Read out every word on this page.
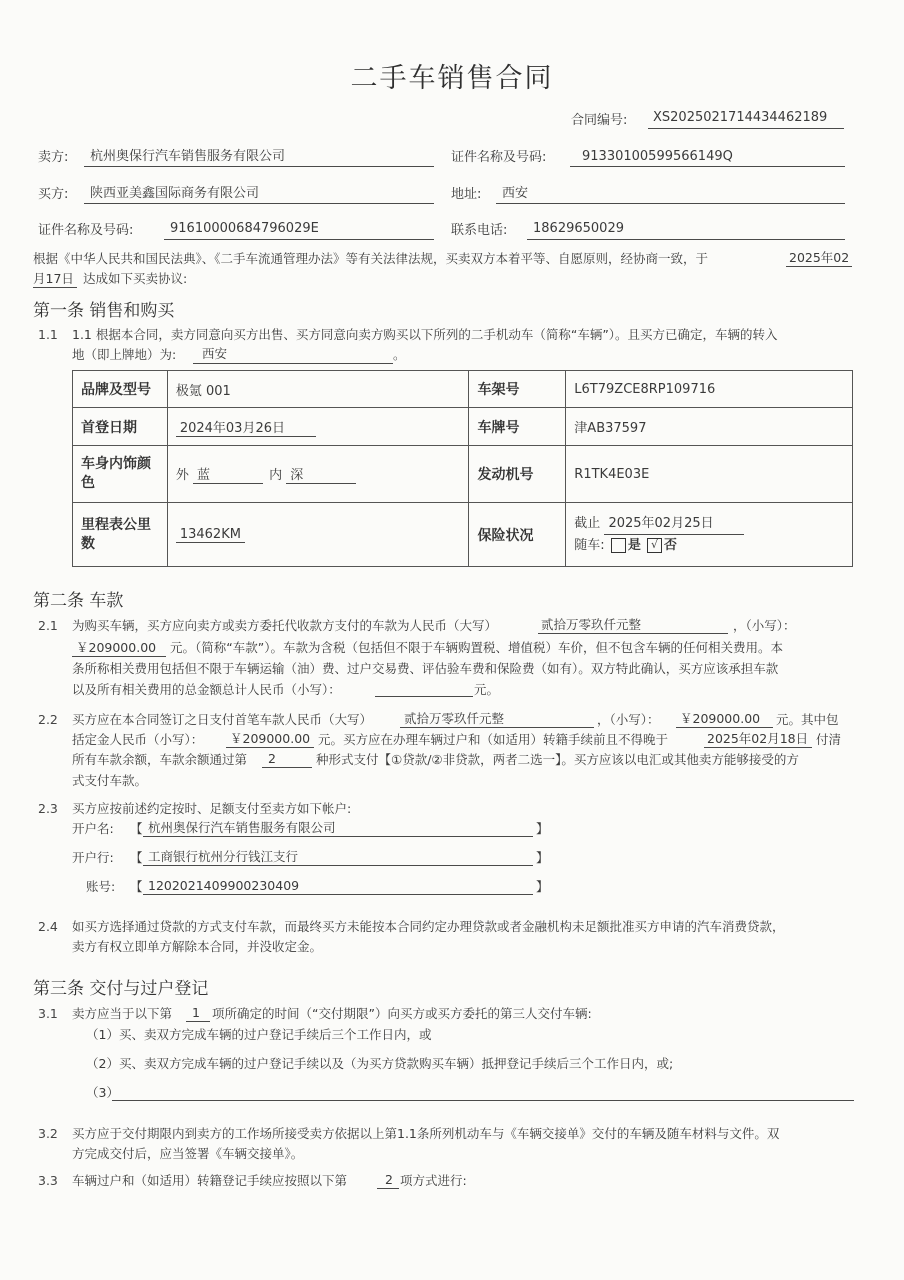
二手车销售合同
合同编号: XS2025021714434462189
卖方: 杭州奥保行汽车销售服务有限公司	证件名称及号码:	91330100599566149Q
买方: 陕西亚美鑫国际商务有限公司	地址: 西安
证件名称及号码:	91610000684796029E	联系电话: 18629650029
根据《中华人民共和国民法典》、《二手车流通管理办法》等有关法律法规，买卖双方本着平等、自愿原则，经协商一致，于	2025年02
月17日 达成如下买卖协议:
第一条 销售和购买
1.1 1.1 根据本合同，卖方同意向买方出售、买方同意向卖方购买以下所列的二手机动车（简称“车辆”）。且买方已确定，车辆的转入
地（即上牌地）为: 西安	。
品牌及型号	极氪 001	车架号	L6T79ZCE8RP109716
首登日期	2024年03月26日	车牌号	津AB37597
车身内饰颜色	外 蓝 内 深	发动机号	R1TK4E03E
里程表公里数	13462KM	保险状况	截止 2025年02月25日
随车: 是 √ 否
第二条 车款
2.1 为购买车辆，买方应向卖方或卖方委托代收款方支付的车款为人民币（大写）	贰拾万零玖仟元整	，（小写）：
￥209000.00 元。（简称“车款”）。车款为含税（包括但不限于车辆购置税、增值税）车价，但不包含车辆的任何相关费用。本
条所称相关费用包括但不限于车辆运输（油）费、过户交易费、评估验车费和保险费（如有）。双方特此确认，买方应该承担车款
以及所有相关费用的总金额总计人民币（小写）：	元。
2.2 买方应在本合同签订之日支付首笔车款人民币（大写）	贰拾万零玖仟元整	，（小写）： ￥209000.00 元。其中包
括定金人民币（小写）： ￥209000.00 元。买方应在办理车辆过户和（如适用）转籍手续前且不得晚于	2025年02月18日 付清
所有车款余额，车款余额通过第 2	种形式支付【①贷款/②非贷款，两者二选一】。买方应该以电汇或其他卖方能够接受的方
式支付车款。
2.3 买方应按前述约定按时、足额支付至卖方如下帐户:
开户名: 【 杭州奥保行汽车销售服务有限公司	】
开户行: 【 工商银行杭州分行钱江支行	】
账号: 【 1202021409900230409	】
2.4 如买方选择通过贷款的方式支付车款，而最终买方未能按本合同约定办理贷款或者金融机构未足额批准买方申请的汽车消费贷款，
卖方有权立即单方解除本合同，并没收定金。
第三条 交付与过户登记
3.1 卖方应当于以下第 1 项所确定的时间（“交付期限”）向买方或买方委托的第三人交付车辆:
（1）买、卖双方完成车辆的过户登记手续后三个工作日内，或
（2）买、卖双方完成车辆的过户登记手续以及（为买方贷款购买车辆）抵押登记手续后三个工作日内，或;
（3）
3.2 买方应于交付期限内到卖方的工作场所接受卖方依据以上第1.1条所列机动车与《车辆交接单》交付的车辆及随车材料与文件。双
方完成交付后，应当签署《车辆交接单》。
3.3 车辆过户和（如适用）转籍登记手续应按照以下第	2 项方式进行:
